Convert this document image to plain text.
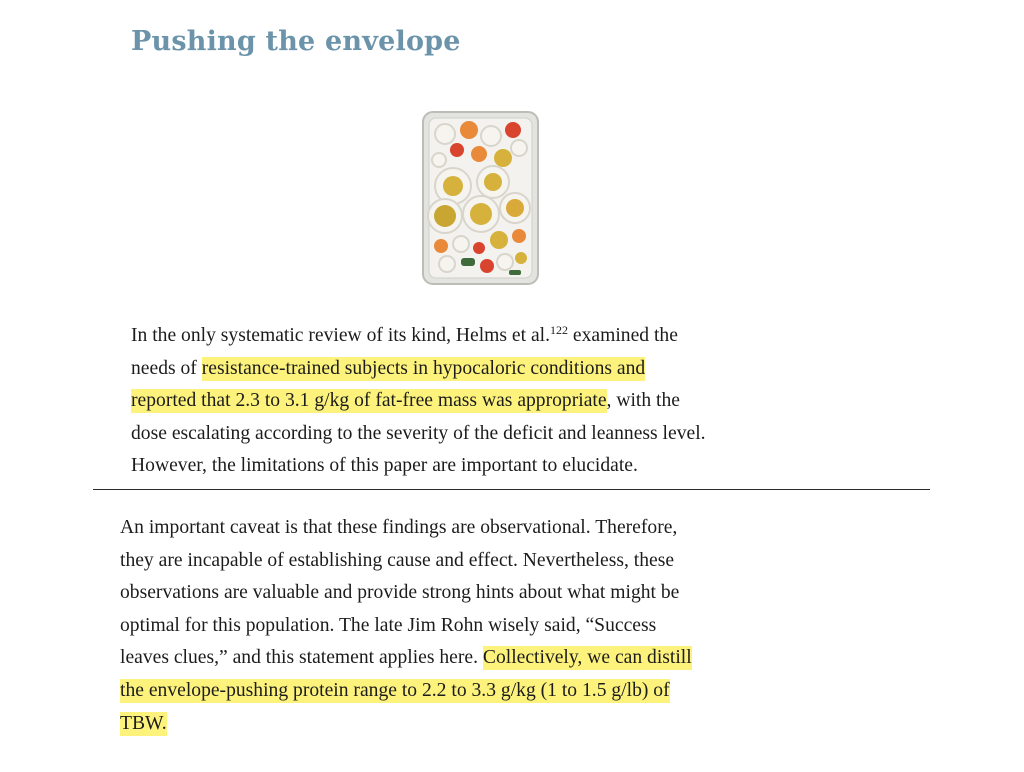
Pushing the envelope

In the only systematic review of its kind, Helms et al.$^{122}$ examined the
needs of resistance-trained subjects in hypocaloric conditions and
reported that 2.3 to 3.1 g/kg of fat-free mass was appropriate, with the
dose escalating according to the severity of the deficit and leanness level.
However, the limitations of this paper are important to elucidate.

An important caveat is that these findings are observational. Therefore,
they are incapable of establishing cause and effect. Nevertheless, these
observations are valuable and provide strong hints about what might be
optimal for this population. The late Jim Rohn wisely said, “Success
leaves clues,” and this statement applies here. Collectively, we can distill
the envelope-pushing protein range to 2.2 to 3.3 g/kg (1 to 1.5 g/lb) of
TBW.
